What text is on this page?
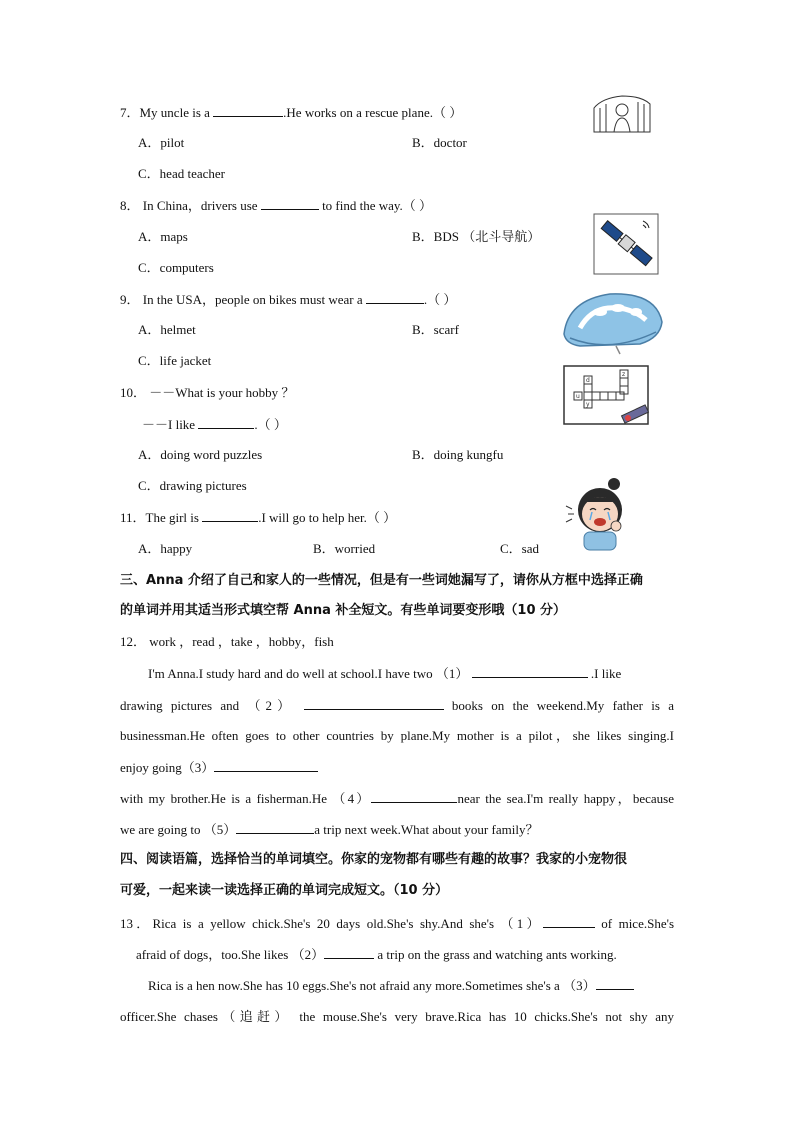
7．My uncle is a	.He works on a rescue plane.（ ）
A．pilot	B．doctor
C．head teacher
8． In China，drivers use	to find the way.（ ）
A．maps	B．BDS （北斗导航）
C．computers
9． In the USA，people on bikes must wear a	.（ ）
A．helmet	B．scarf
C．life jacket
10． －－What is your hobby ？
－－I like	.（ ）
A．doing word puzzles	B．doing kungfu
C．drawing pictures
d
u
z
y
11．The girl is	.I will go to help her.（ ）
A．happy	B．worried	C．sad
三、Anna 介绍了自己和家人的一些情况，但是有一些词她漏写了，请你从方框中选择正确
的单词并用其适当形式填空帮 Anna 补全短文。有些单词要变形哦（10 分）
12． work ，read ，take ，hobby，fish
I'm Anna.I study hard and do well at school.I have two （1）	.I like
drawing pictures and （2）	books on the weekend.My father is a
businessman.He often goes to other countries by plane.My mother is a pilot，she likes singing.I
enjoy going（3）
with my brother.He is a fisherman.He （4）	near the sea.I'm really happy，because
we are going to （5）	a trip next week.What about your family？
四、阅读语篇，选择恰当的单词填空。你家的宠物都有哪些有趣的故事？我家的小宠物很
可爱，一起来读一读选择正确的单词完成短文。（10 分）
13．Rica is a yellow chick.She's 20 days old.She's shy.And she's （1）	of mice.She's
afraid of dogs，too.She likes （2）	a trip on the grass and watching ants working.
Rica is a hen now.She has 10 eggs.She's not afraid any more.Sometimes she's a （3）
officer.She chases（追赶） the mouse.She's very brave.Rica has 10 chicks.She's not shy any
